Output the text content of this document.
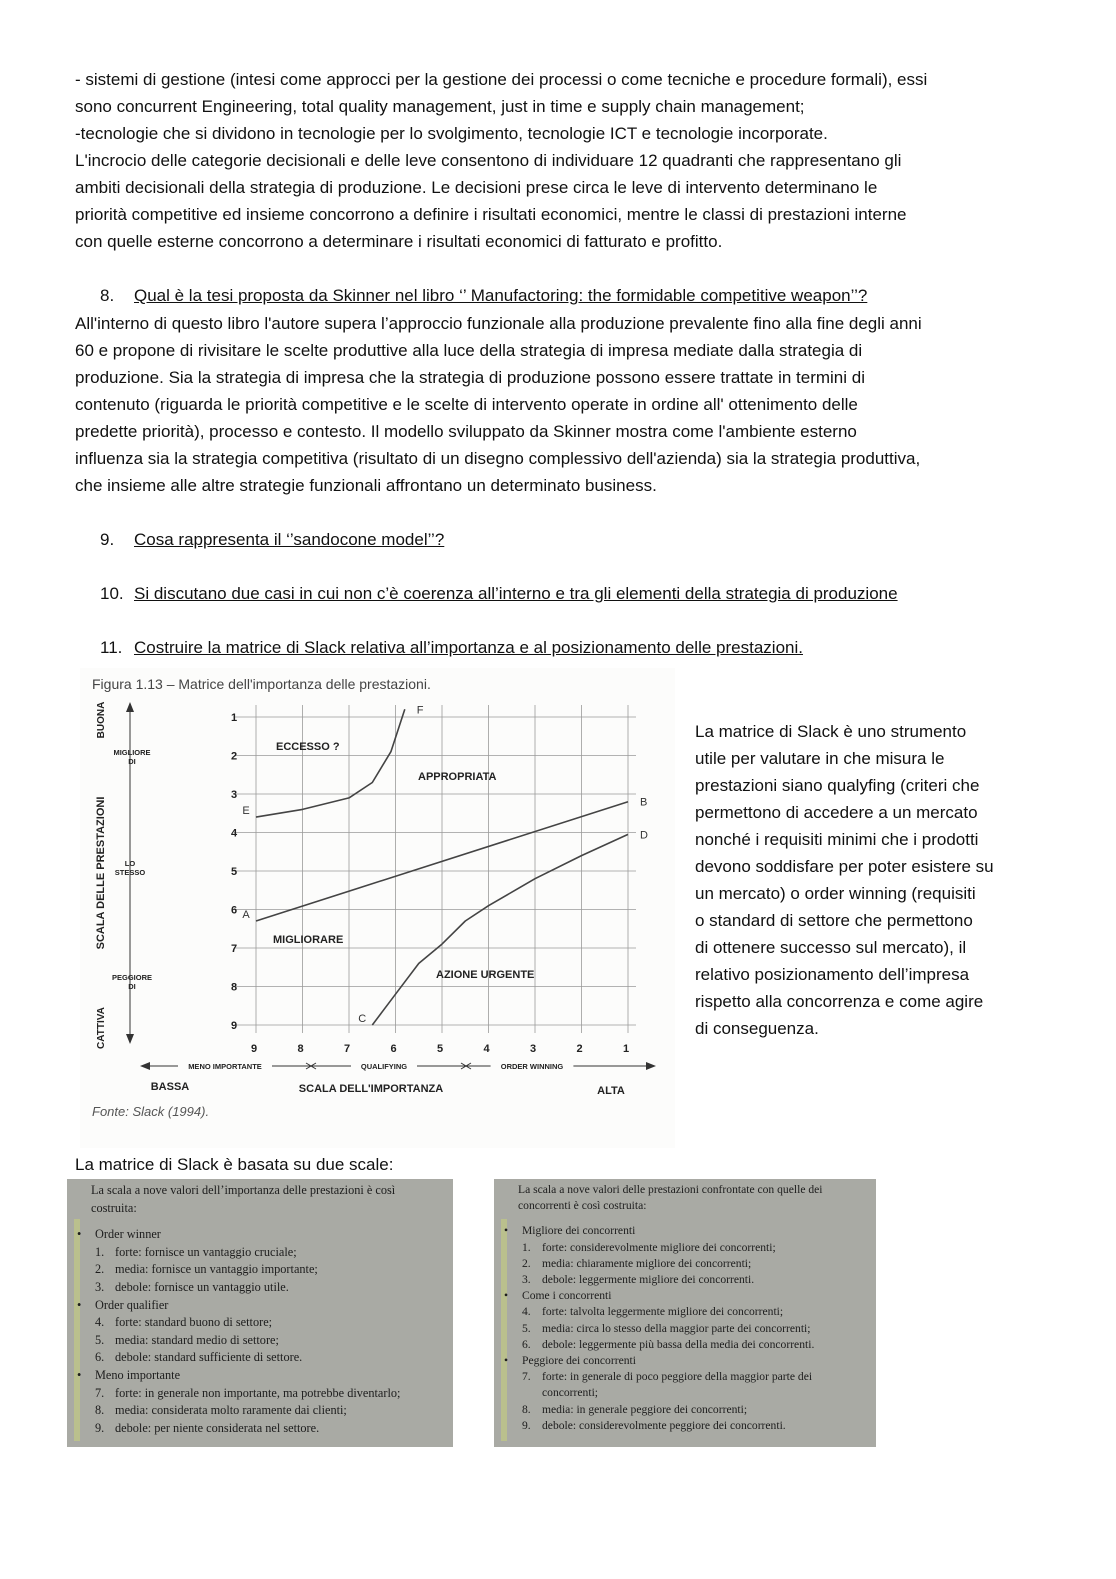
- sistemi di gestione (intesi come approcci per la gestione dei processi o come tecniche e procedure formali), essi
sono concurrent Engineering, total quality management, just in time e supply chain management;
-tecnologie che si dividono in tecnologie per lo svolgimento, tecnologie ICT e tecnologie incorporate.
L'incrocio delle categorie decisionali e delle leve consentono di individuare 12 quadranti che rappresentano gli
ambiti decisionali della strategia di produzione. Le decisioni prese circa le leve di intervento determinano le
priorità competitive ed insieme concorrono a definire i risultati economici, mentre le classi di prestazioni interne
con quelle esterne concorrono a determinare i risultati economici di fatturato e profitto.
8. Qual è la tesi proposta da Skinner nel libro ‘’ Manufactoring: the formidable competitive weapon’’?
All'interno di questo libro l'autore supera l’approccio funzionale alla produzione prevalente fino alla fine degli anni
60 e propone di rivisitare le scelte produttive alla luce della strategia di impresa mediate dalla strategia di
produzione. Sia la strategia di impresa che la strategia di produzione possono essere trattate in termini di
contenuto (riguarda le priorità competitive e le scelte di intervento operate in ordine all' ottenimento delle
predette priorità), processo e contesto. Il modello sviluppato da Skinner mostra come l'ambiente esterno
influenza sia la strategia competitiva (risultato di un disegno complessivo dell'azienda) sia la strategia produttiva,
che insieme alle altre strategie funzionali affrontano un determinato business.
9. Cosa rappresenta il ‘’sandocone model’’?
10. Si discutano due casi in cui non c’è coerenza all’interno e tra gli elementi della strategia di produzione
11. Costruire la matrice di Slack relativa all’importanza e al posizionamento delle prestazioni.
9	8	7	6	5	4	3	2	1
1
2
3
4
5
6
7
8
9
A
B
C
D
E
F
ECCESSO ?
APPROPRIATA
MIGLIORARE
AZIONE URGENTE
MIGLIORE
DI
LO
STESSO
PEGGIORE
DI
BUONA
CATTIVA
SCALA DELLE PRESTAZIONI
MENO IMPORTANTE	QUALIFYING	ORDER WINNING
BASSA	ALTA
SCALA DELL'IMPORTANZA
Figura 1.13 – Matrice dell'importanza delle prestazioni.
Fonte: Slack (1994).
La matrice di Slack è uno strumento
utile per valutare in che misura le
prestazioni siano qualyfing (criteri che
permettono di accedere a un mercato
nonché i requisiti minimi che i prodotti
devono soddisfare per poter esistere su
un mercato) o order winning (requisiti
o standard di settore che permettono
di ottenere successo sul mercato), il
relativo posizionamento dell’impresa
rispetto alla concorrenza e come agire
di conseguenza.
La matrice di Slack è basata su due scale:
La scala a nove valori dell’importanza delle prestazioni è così costruita:
• Order winner
1. forte: fornisce un vantaggio cruciale;
2. media: fornisce un vantaggio importante;
3. debole: fornisce un vantaggio utile.
• Order qualifier
4. forte: standard buono di settore;
5. media: standard medio di settore;
6. debole: standard sufficiente di settore.
• Meno importante
7. forte: in generale non importante, ma potrebbe diventarlo;
8. media: considerata molto raramente dai clienti;
9. debole: per niente considerata nel settore.
La scala a nove valori delle prestazioni confrontate con quelle dei concorrenti è così costruita:
• Migliore dei concorrenti
1. forte: considerevolmente migliore dei concorrenti;
2. media: chiaramente migliore dei concorrenti;
3. debole: leggermente migliore dei concorrenti.
• Come i concorrenti
4. forte: talvolta leggermente migliore dei concorrenti;
5. media: circa lo stesso della maggior parte dei concorrenti;
6. debole: leggermente più bassa della media dei concorrenti.
• Peggiore dei concorrenti
7. forte: in generale di poco peggiore della maggior parte dei
concorrenti;
8. media: in generale peggiore dei concorrenti;
9. debole: considerevolmente peggiore dei concorrenti.
